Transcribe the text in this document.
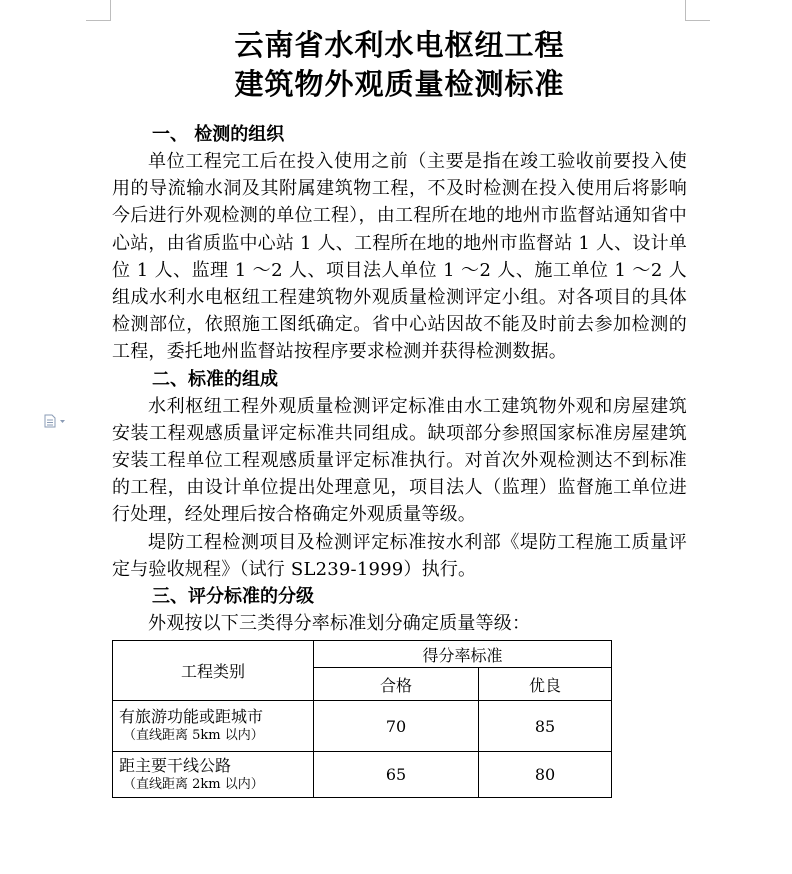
云南省水利水电枢纽工程
建筑物外观质量检测标准
一、 检测的组织

单位工程完工后在投入使用之前（主要是指在竣工验收前要投入使用的导流输水洞及其附属建筑物工程，不及时检测在投入使用后将影响今后进行外观检测的单位工程），由工程所在地的地州市监督站通知省中心站，由省质监中心站 1 人、工程所在地的地州市监督站 1 人、设计单位 1 人、监理 1 ～2 人、项目法人单位 1 ～2 人、施工单位 1 ～2 人组成水利水电枢纽工程建筑物外观质量检测评定小组。对各项目的具体检测部位，依照施工图纸确定。省中心站因故不能及时前去参加检测的工程，委托地州监督站按程序要求检测并获得检测数据。

二、标准的组成

水利枢纽工程外观质量检测评定标准由水工建筑物外观和房屋建筑安装工程观感质量评定标准共同组成。缺项部分参照国家标准房屋建筑安装工程单位工程观感质量评定标准执行。对首次外观检测达不到标准的工程，由设计单位提出处理意见，项目法人（监理）监督施工单位进行处理，经处理后按合格确定外观质量等级。

堤防工程检测项目及检测评定标准按水利部《堤防工程施工质量评定与验收规程》（试行 SL239-1999）执行。

三、评分标准的分级

外观按以下三类得分率标准划分确定质量等级：

工程类别	得分率标准	
	合格	优良
有旅游功能或距城市
（直线距离 5km 以内）	70	85
距主要干线公路
（直线距离 2km 以内）	65	80
